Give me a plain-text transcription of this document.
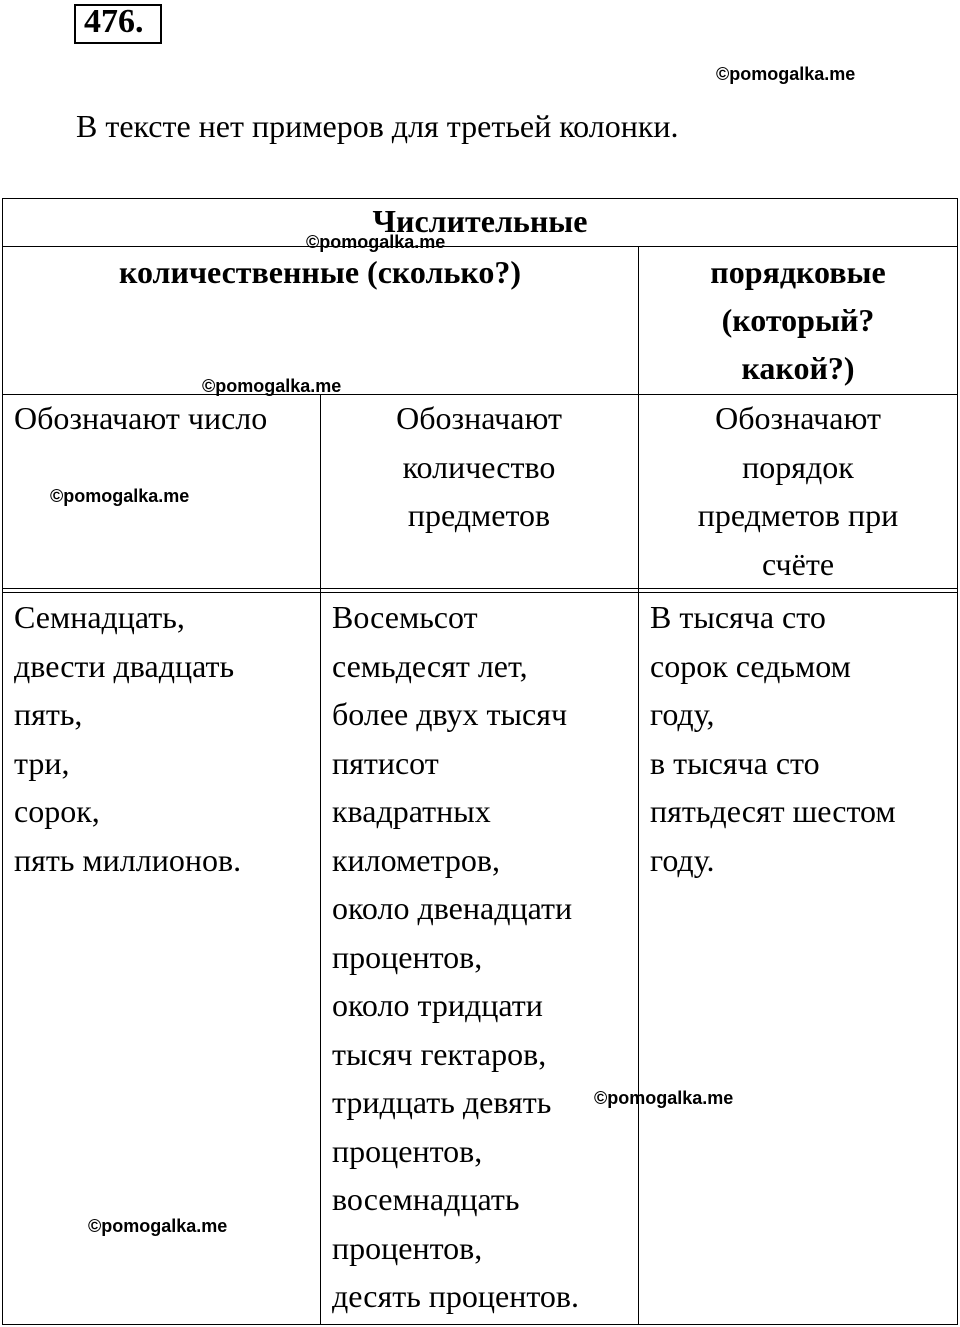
476.
©pomogalka.me
©pomogalka.me
©pomogalka.me
©pomogalka.me
©pomogalka.me
©pomogalka.me
В тексте нет примеров для третьей колонки.
Числительные
количественные (сколько?)	порядковые
(который?
какой?)
Обозначают число	Обозначают
количество
предметов
Обозначают
порядок
предметов при
счёте
Семнадцать,
двести двадцать
пять,
три,
сорок,
пять миллионов.
Восемьсот
семьдесят лет,
более двух тысяч
пятисот
квадратных
километров,
около двенадцати
процентов,
около тридцати
тысяч гектаров,
тридцать девять
процентов,
восемнадцать
процентов,
десять процентов.
В тысяча сто
сорок седьмом
году,
в тысяча сто
пятьдесят шестом
году.
